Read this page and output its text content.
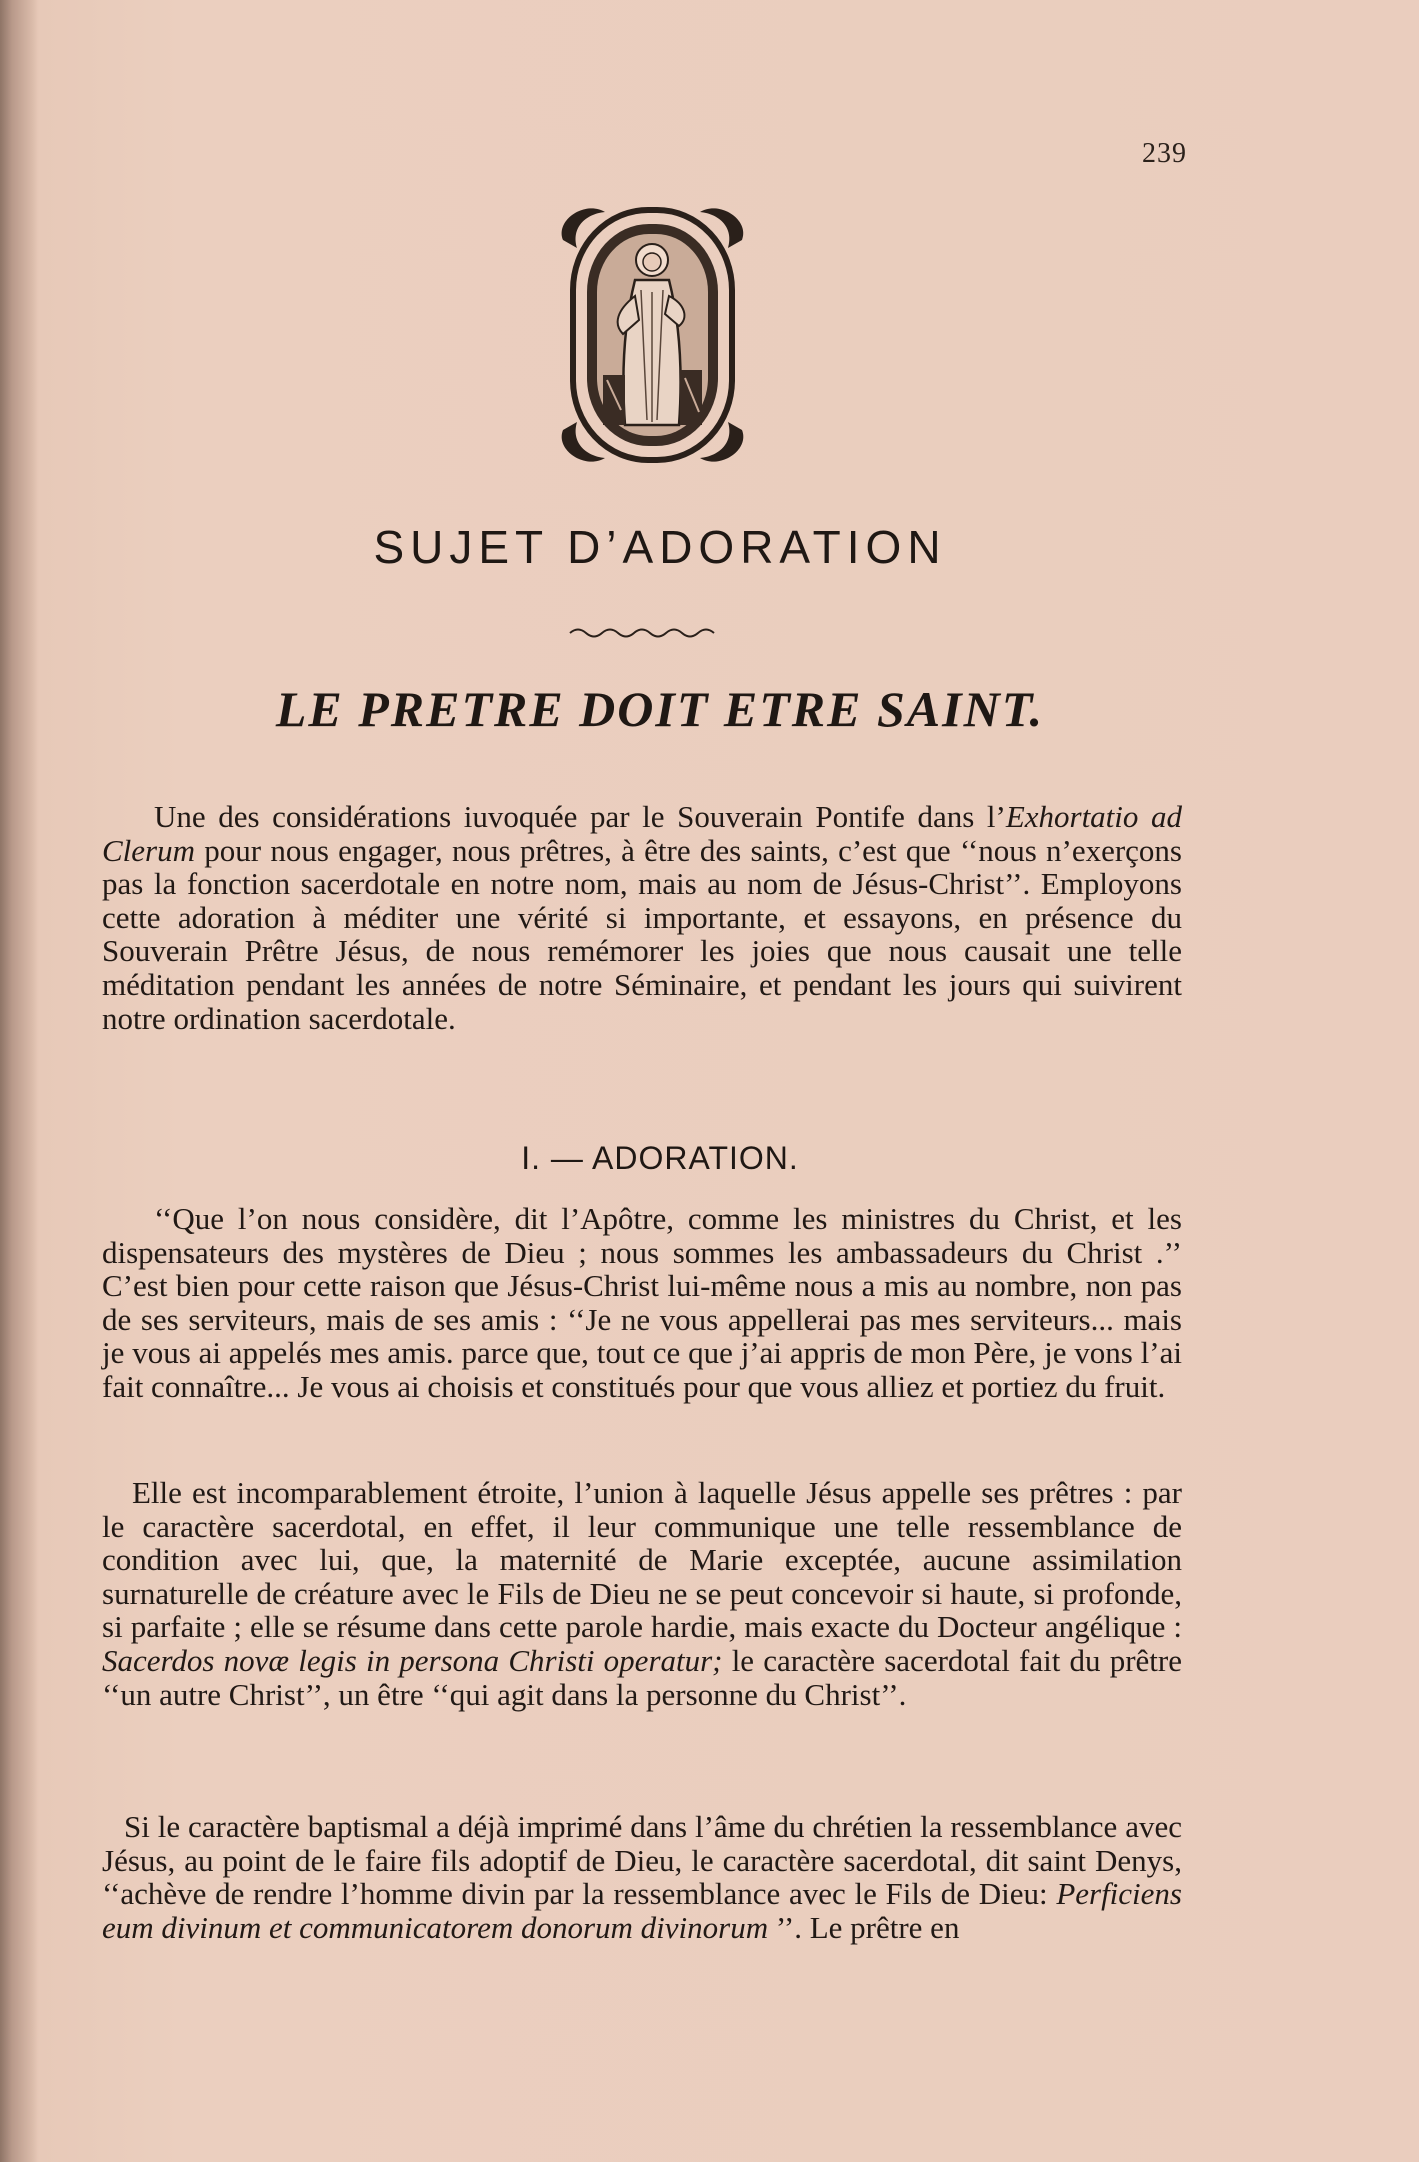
239
SUJET D’ADORATION
LE PRETRE DOIT ETRE SAINT.

Une des considérations iuvoquée par le Souverain Pontife dans l’Exhortatio ad Clerum pour nous engager, nous prêtres, à être des saints, c’est que ‘‘nous n’exerçons pas la fonction sacerdotale en notre nom, mais au nom de Jésus-Christ’’. Employons cette adoration à méditer une vérité si importante, et essayons, en présence du Souverain Prêtre Jésus, de nous remémorer les joies que nous causait une telle méditation pendant les années de notre Séminaire, et pendant les jours qui suivirent notre ordination sacerdotale.

I. — ADORATION.

‘‘Que l’on nous considère, dit l’Apôtre, comme les ministres du Christ, et les dispensateurs des mystères de Dieu ; nous sommes les ambassadeurs du Christ .’’ C’est bien pour cette raison que Jésus-Christ lui-même nous a mis au nombre, non pas de ses serviteurs, mais de ses amis : ‘‘Je ne vous appellerai pas mes serviteurs... mais je vous ai appelés mes amis. parce que, tout ce que j’ai appris de mon Père, je vons l’ai fait connaître... Je vous ai choisis et constitués pour que vous alliez et portiez du fruit.

Elle est incomparablement étroite, l’union à laquelle Jésus appelle ses prêtres : par le caractère sacerdotal, en effet, il leur communique une telle ressemblance de condition avec lui, que, la maternité de Marie exceptée, aucune assimilation surnaturelle de créature avec le Fils de Dieu ne se peut concevoir si haute, si profonde, si parfaite ; elle se résume dans cette parole hardie, mais exacte du Docteur angélique : Sacerdos novæ legis in persona Christi operatur; le caractère sacerdotal fait du prêtre ‘‘un autre Christ’’, un être ‘‘qui agit dans la personne du Christ’’.

Si le caractère baptismal a déjà imprimé dans l’âme du chrétien la ressemblance avec Jésus, au point de le faire fils adoptif de Dieu, le caractère sacerdotal, dit saint Denys, ‘‘achève de rendre l’homme divin par la ressemblance avec le Fils de Dieu: Perficiens eum divinum et communicatorem donorum divinorum ’’. Le prêtre en
